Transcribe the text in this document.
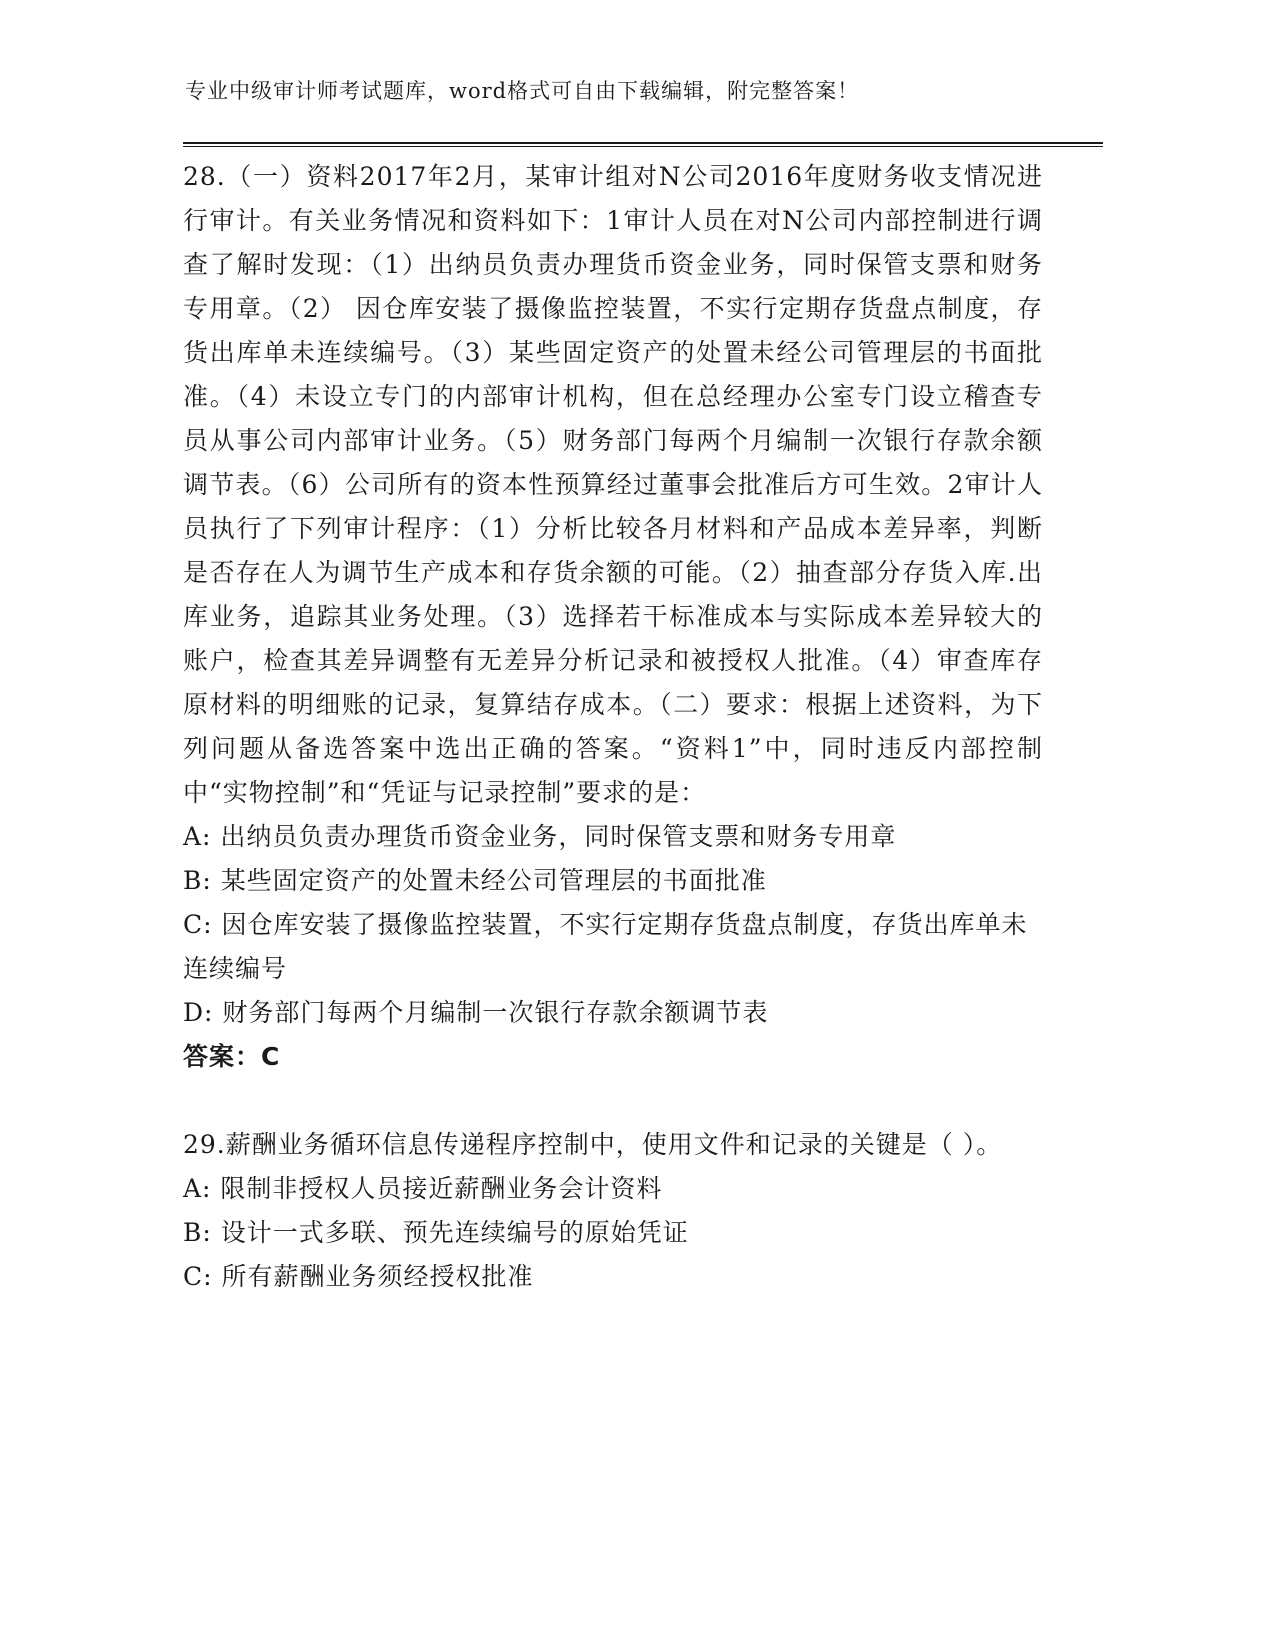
专业中级审计师考试题库，word格式可自由下载编辑，附完整答案！
28.（一）资料2017年2月，某审计组对N公司2016年度财务收支情况进行审计。有关业务情况和资料如下：1审计人员在对N公司内部控制进行调查了解时发现：（1）出纳员负责办理货币资金业务，同时保管支票和财务专用章。（2） 因仓库安装了摄像监控装置，不实行定期存货盘点制度，存货出库单未连续编号。（3）某些固定资产的处置未经公司管理层的书面批准。（4）未设立专门的内部审计机构，但在总经理办公室专门设立稽查专员从事公司内部审计业务。（5）财务部门每两个月编制一次银行存款余额调节表。（6）公司所有的资本性预算经过董事会批准后方可生效。2审计人员执行了下列审计程序：（1）分析比较各月材料和产品成本差异率，判断是否存在人为调节生产成本和存货余额的可能。（2）抽查部分存货入库.出库业务，追踪其业务处理。（3）选择若干标准成本与实际成本差异较大的账户，检查其差异调整有无差异分析记录和被授权人批准。（4）审查库存原材料的明细账的记录，复算结存成本。（二）要求：根据上述资料，为下列问题从备选答案中选出正确的答案。“资料1”中，同时违反内部控制中“实物控制”和“凭证与记录控制”要求的是：
A: 出纳员负责办理货币资金业务，同时保管支票和财务专用章
B: 某些固定资产的处置未经公司管理层的书面批准
C: 因仓库安装了摄像监控装置，不实行定期存货盘点制度，存货出库单未连续编号
D: 财务部门每两个月编制一次银行存款余额调节表
答案：C
29.薪酬业务循环信息传递程序控制中，使用文件和记录的关键是（ ）。
A: 限制非授权人员接近薪酬业务会计资料
B: 设计一式多联、预先连续编号的原始凭证
C: 所有薪酬业务须经授权批准
